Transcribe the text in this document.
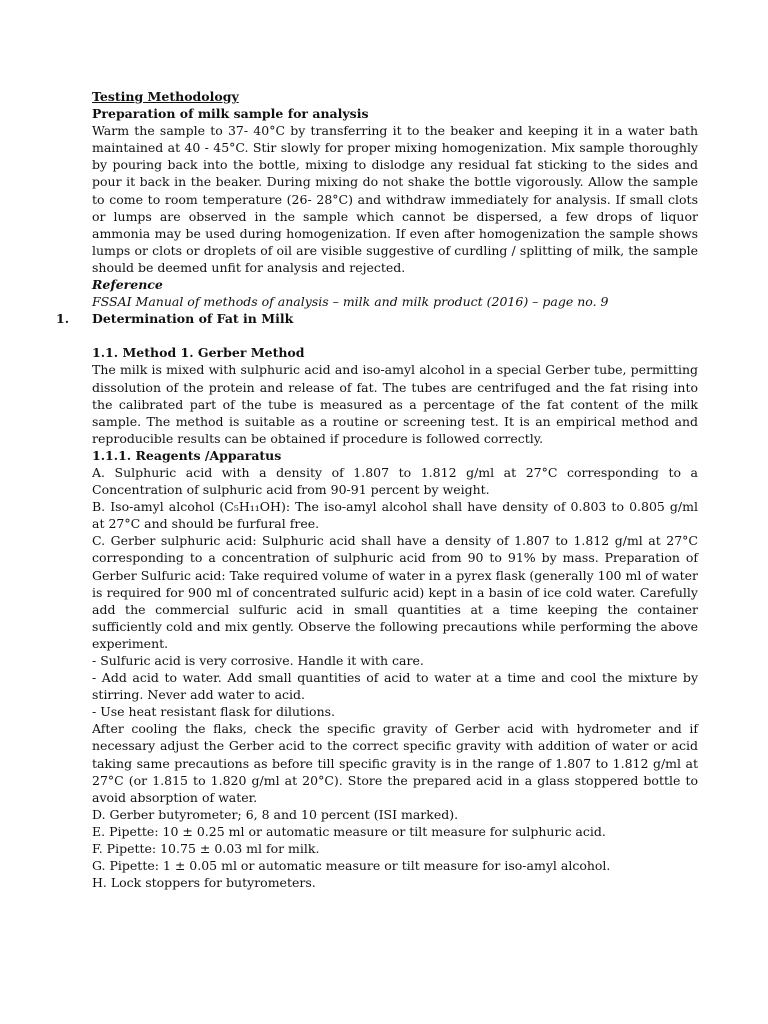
Testing Methodology

Preparation of milk sample for analysis

Warm the sample to 37- 40°C by transferring it to the beaker and keeping it in a water bath maintained at 40 - 45°C. Stir slowly for proper mixing homogenization. Mix sample thoroughly by pouring back into the bottle, mixing to dislodge any residual fat sticking to the sides and pour it back in the beaker. During mixing do not shake the bottle vigorously. Allow the sample to come to room temperature (26- 28°C) and withdraw immediately for analysis. If small clots or lumps are observed in the sample which cannot be dispersed, a few drops of liquor ammonia may be used during homogenization. If even after homogenization the sample shows lumps or clots or droplets of oil are visible suggestive of curdling / splitting of milk, the sample should be deemed unfit for analysis and rejected.

Reference

FSSAI Manual of methods of analysis – milk and milk product (2016) – page no. 9

1. Determination of Fat in Milk

1.1. Method 1. Gerber Method

The milk is mixed with sulphuric acid and iso-amyl alcohol in a special Gerber tube, permitting dissolution of the protein and release of fat. The tubes are centrifuged and the fat rising into the calibrated part of the tube is measured as a percentage of the fat content of the milk sample. The method is suitable as a routine or screening test. It is an empirical method and reproducible results can be obtained if procedure is followed correctly.

1.1.1. Reagents /Apparatus

A. Sulphuric acid with a density of 1.807 to 1.812 g/ml at 27°C corresponding to a Concentration of sulphuric acid from 90-91 percent by weight.

B. Iso-amyl alcohol (C₅H₁₁OH): The iso-amyl alcohol shall have density of 0.803 to 0.805 g/ml at 27°C and should be furfural free.

C. Gerber sulphuric acid: Sulphuric acid shall have a density of 1.807 to 1.812 g/ml at 27°C corresponding to a concentration of sulphuric acid from 90 to 91% by mass. Preparation of Gerber Sulfuric acid: Take required volume of water in a pyrex flask (generally 100 ml of water is required for 900 ml of concentrated sulfuric acid) kept in a basin of ice cold water. Carefully add the commercial sulfuric acid in small quantities at a time keeping the container sufficiently cold and mix gently. Observe the following precautions while performing the above experiment.

- Sulfuric acid is very corrosive. Handle it with care.

- Add acid to water. Add small quantities of acid to water at a time and cool the mixture by stirring. Never add water to acid.

- Use heat resistant flask for dilutions.

After cooling the flaks, check the specific gravity of Gerber acid with hydrometer and if necessary adjust the Gerber acid to the correct specific gravity with addition of water or acid taking same precautions as before till specific gravity is in the range of 1.807 to 1.812 g/ml at 27°C (or 1.815 to 1.820 g/ml at 20°C). Store the prepared acid in a glass stoppered bottle to avoid absorption of water.

D. Gerber butyrometer; 6, 8 and 10 percent (ISI marked).

E. Pipette: 10 ± 0.25 ml or automatic measure or tilt measure for sulphuric acid.

F. Pipette: 10.75 ± 0.03 ml for milk.

G. Pipette: 1 ± 0.05 ml or automatic measure or tilt measure for iso-amyl alcohol.

H. Lock stoppers for butyrometers.
